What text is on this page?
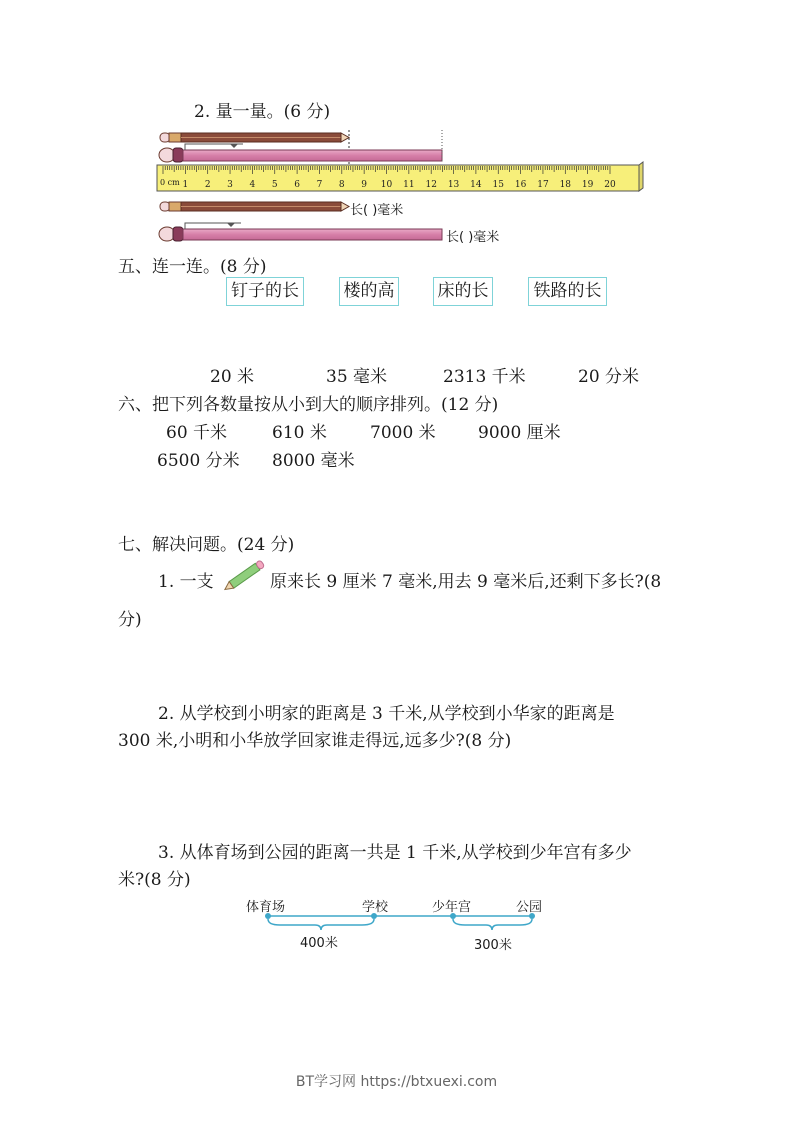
2. 量一量。(6 分)
1 2 3 4 5 6 7 8 9 10 11 12 13 14 15 16 17 18 19 20
0 cm
长( )毫米
长( )毫米
五、连一连。(8 分)
钉子的长	楼的高	床的长	铁路的长
20 米	35 毫米	2313 千米	20 分米
六、把下列各数量按从小到大的顺序排列。(12 分)
60 千米	610 米	7000 米 9000 厘米
6500 分米 8000 毫米
七、解决问题。(24 分)
1. 一支	原来长 9 厘米 7 毫米,用去 9 毫米后,还剩下多长?(8
分)
2. 从学校到小明家的距离是 3 千米,从学校到小华家的距离是
300 米,小明和小华放学回家谁走得远,远多少?(8 分)
3. 从体育场到公园的距离一共是 1 千米,从学校到少年宫有多少
米?(8 分)
体育场	学校	少年宫	公园
400米	300米
BT学习网 https://btxuexi.com
